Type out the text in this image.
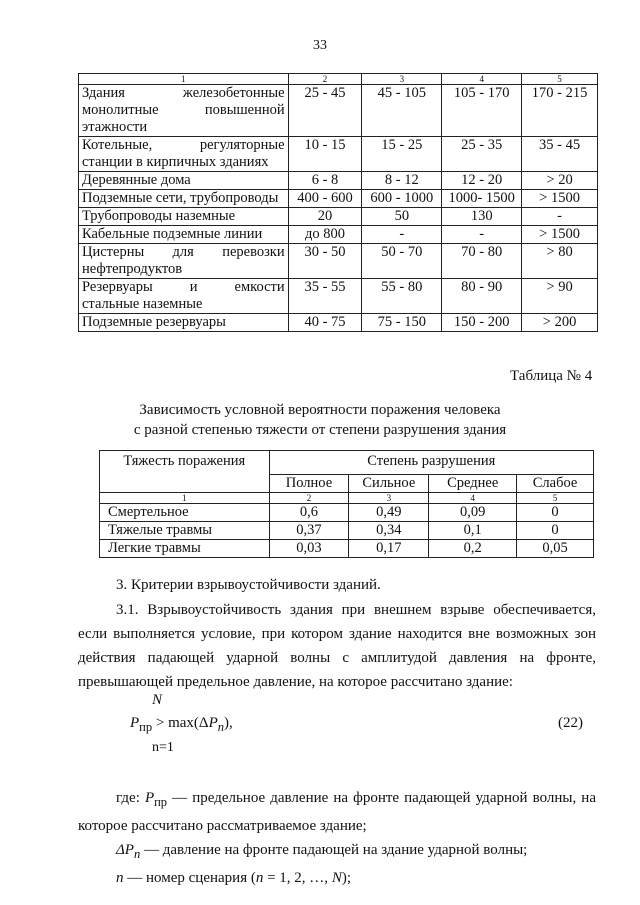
33
1	2	3	4	5

Здания железобетонные
монолитные повышенной
этажности	25 - 45	45 - 105	105 - 170	170 - 215

Котельные, регуляторные
станции в кирпичных зданиях	10 - 15	15 - 25	25 - 35	35 - 45

Деревянные дома	6 - 8	8 - 12	12 - 20	> 20

Подземные сети, трубопроводы	400 - 600	600 - 1000	1000- 1500	> 1500

Трубопроводы наземные	20	50	130	-

Кабельные подземные линии	до 800	-	-	> 1500

Цистерны для перевозки
нефтепродуктов	30 - 50	50 - 70	70 - 80	> 80

Резервуары и емкости
стальные наземные	35 - 55	55 - 80	80 - 90	> 90

Подземные резервуары	40 - 75	75 - 150	150 - 200	> 200
Таблица № 4
Зависимость условной вероятности поражения человека
с разной степенью тяжести от степени разрушения здания
Тяжесть поражения	Степень разрушения			
	Полное	Сильное	Среднее	Слабое
1	2	3	4	5
Смертельное	0,6	0,49	0,09	0
Тяжелые травмы	0,37	0,34	0,1	0
Легкие травмы	0,03	0,17	0,2	0,05
3. Критерии взрывоустойчивости зданий.
3.1. Взрывоустойчивость здания при внешнем взрыве обеспечивается, если выполняется условие, при котором здание находится вне возможных зон действия падающей ударной волны с амплитудой давления на фронте, превышающей предельное давление, на которое рассчитано здание:
N
$P_{пр} > \max(\Delta P_n)$,
n=1
(22)
где: $P_{пр}$ — предельное давление на фронте падающей ударной волны, на которое рассчитано рассматриваемое здание;
$\Delta P_n$ — давление на фронте падающей на здание ударной волны;
n — номер сценария (n = 1, 2, …, N);
